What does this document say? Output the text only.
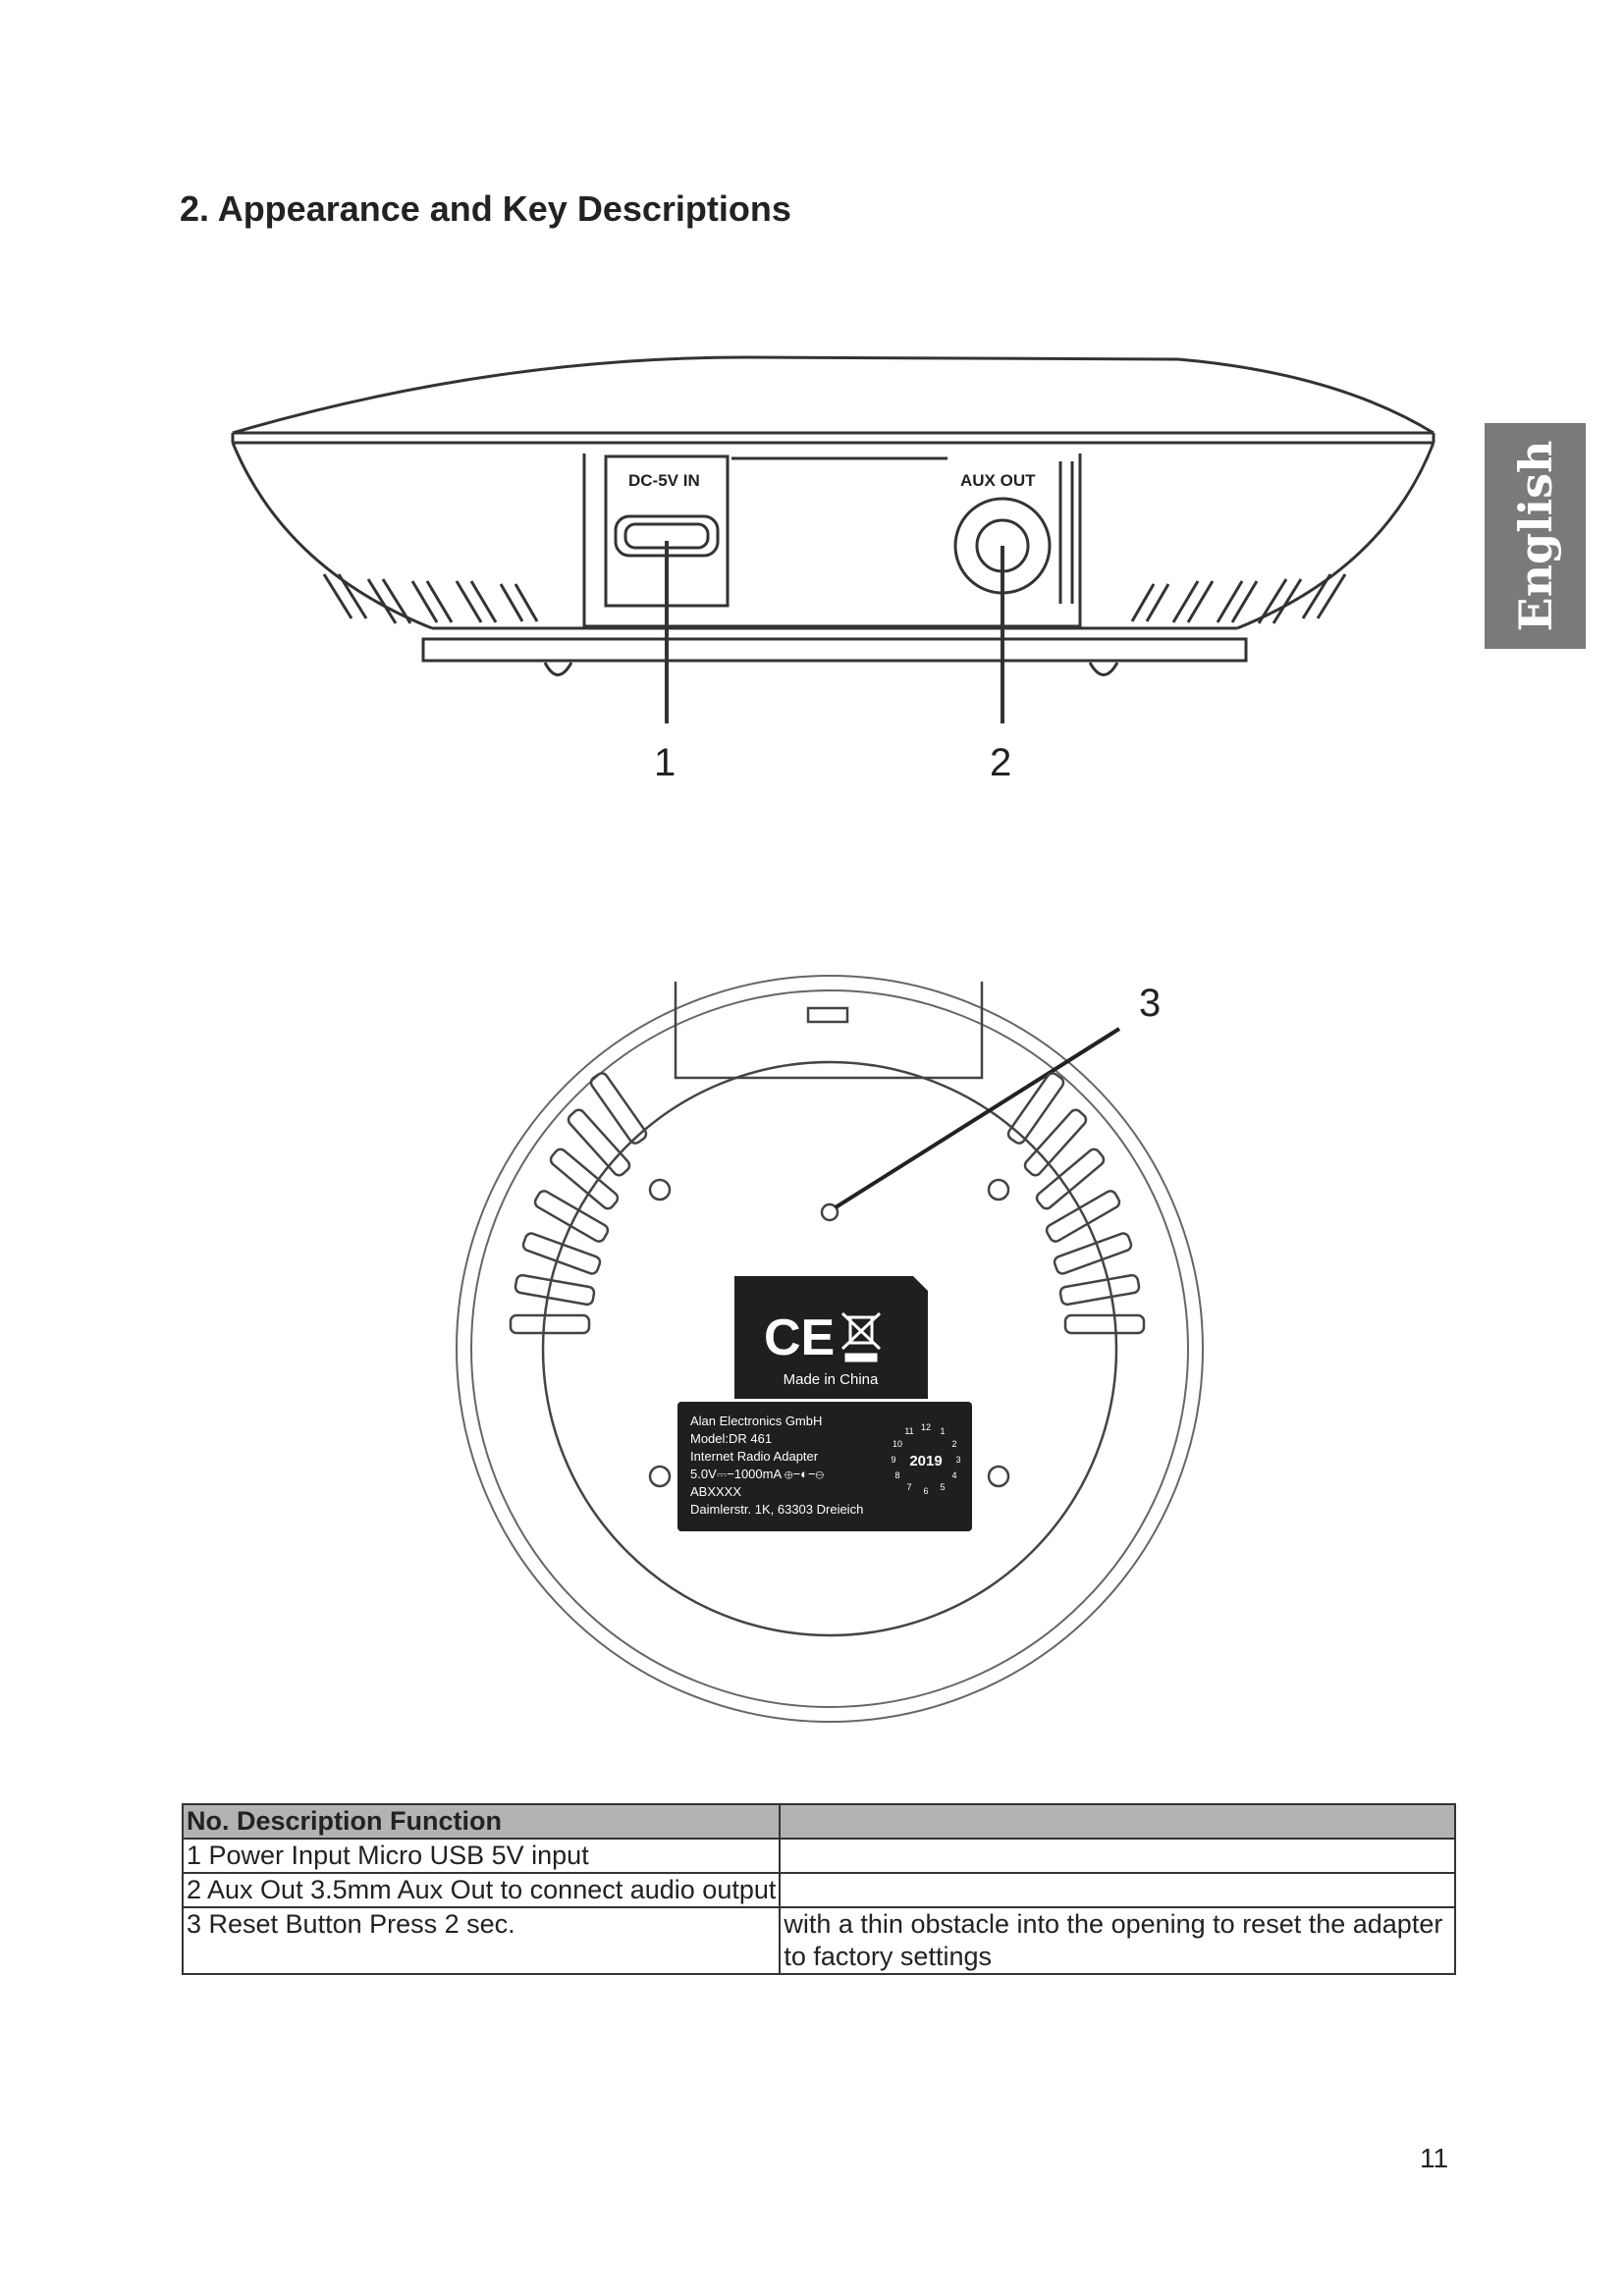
2. Appearance and Key Descriptions
English
DC-5V IN	AUX OUT
1	2
3
CE
Made in China
Alan Electronics GmbH
Model:DR 461
Internet Radio Adapter
5.0V⎓−1000mA ⊕−◐−⊖
ABXXXX
Daimlerstr. 1K, 63303 Dreieich
2019
12 1
2
3
4
5
6
7
8
9
10
11
No. Description Function	
1 Power Input Micro USB 5V input	
2 Aux Out 3.5mm Aux Out to connect audio output	
3 Reset Button Press 2 sec.	with a thin obstacle into the opening to reset the adapter to factory settings
11
